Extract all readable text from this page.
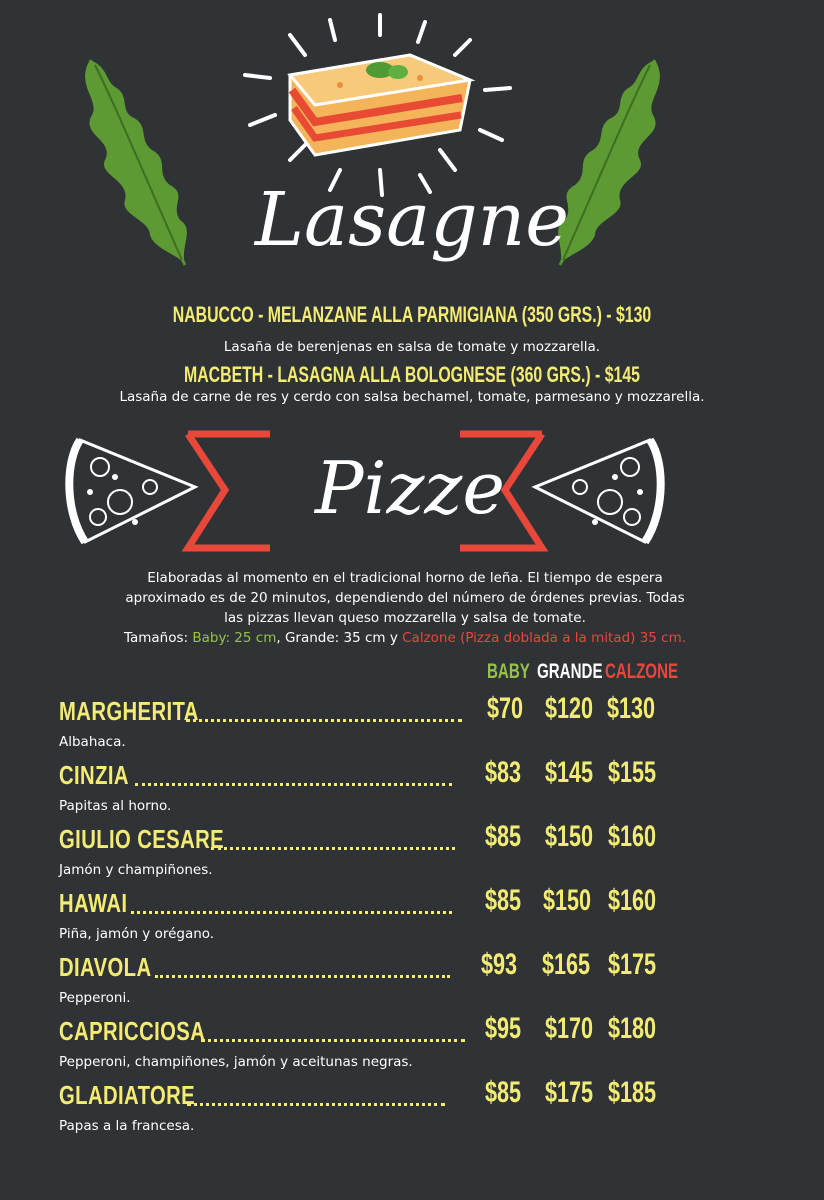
Lasagne
NABUCCO - MELANZANE ALLA PARMIGIANA (350 GRS.) - $130
Lasaña de berenjenas en salsa de tomate y mozzarella.
MACBETH - LASAGNA ALLA BOLOGNESE (360 GRS.) - $145
Lasaña de carne de res y cerdo con salsa bechamel, tomate, parmesano y mozzarella.
Pizze
Elaboradas al momento en el tradicional horno de leña. El tiempo de espera
aproximado es de 20 minutos, dependiendo del número de órdenes previas. Todas
las pizzas llevan queso mozzarella y salsa de tomate.
Tamaños: Baby: 25 cm, Grande: 35 cm y Calzone (Pizza doblada a la mitad) 35 cm.
BABY GRANDE CALZONE
MARGHERITA	$70 $120 $130
Albahaca.
CINZIA	$83 $145 $155
Papitas al horno.
GIULIO CESARE	$85 $150 $160
Jamón y champiñones.
HAWAI	$85 $150 $160
Piña, jamón y orégano.
DIAVOLA	$93 $165 $175
Pepperoni.
CAPRICCIOSA	$95 $170 $180
Pepperoni, champiñones, jamón y aceitunas negras.
GLADIATORE	$85 $175 $185
Papas a la francesa.
